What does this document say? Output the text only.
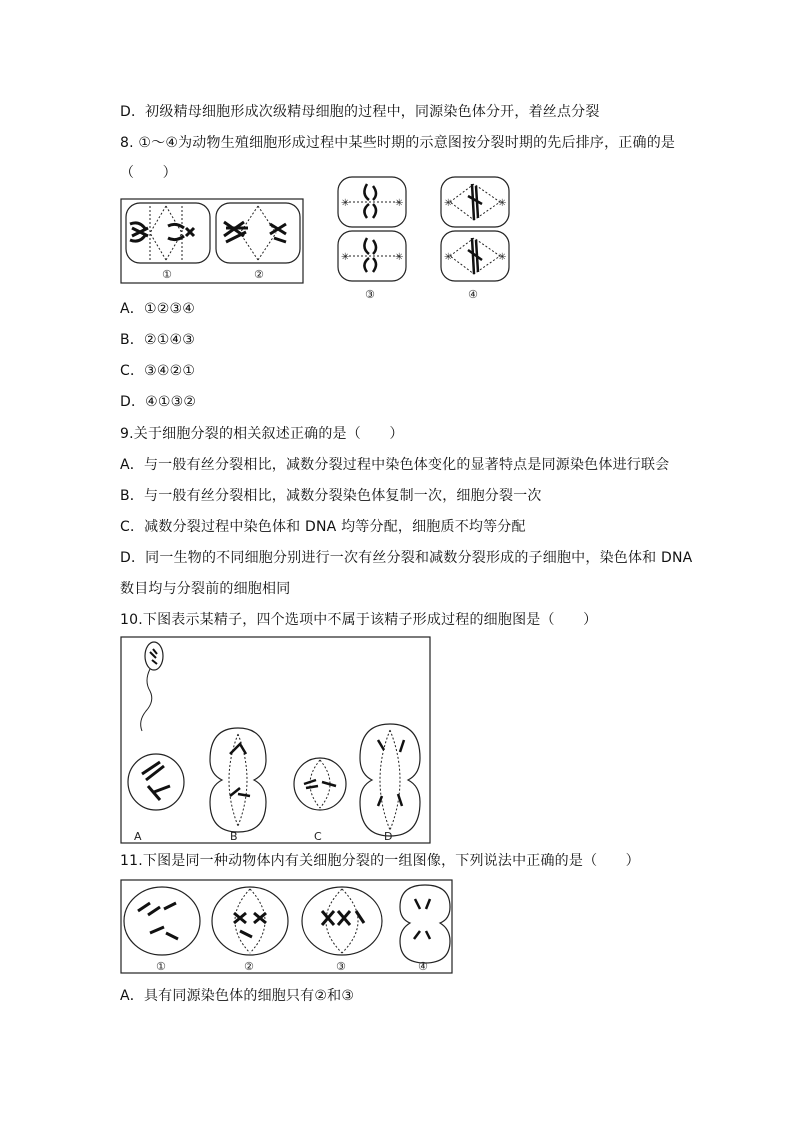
D．初级精母细胞形成次级精母细胞的过程中，同源染色体分开，着丝点分裂
8. ①～④为动物生殖细胞形成过程中某些时期的示意图按分裂时期的先后排序，正确的是
（　　）
①	②
✳	✳
✳	✳
③
✳	✳
✳	✳
④
A．①②③④
B．②①④③
C．③④②①
D．④①③②
9.关于细胞分裂的相关叙述正确的是（　　）
A．与一般有丝分裂相比，减数分裂过程中染色体变化的显著特点是同源染色体进行联会
B．与一般有丝分裂相比，减数分裂染色体复制一次，细胞分裂一次
C．减数分裂过程中染色体和 DNA 均等分配，细胞质不均等分配
D．同一生物的不同细胞分别进行一次有丝分裂和减数分裂形成的子细胞中，染色体和 DNA
数目均与分裂前的细胞相同
10.下图表示某精子，四个选项中不属于该精子形成过程的细胞图是（　　）
A	B	C	D
11.下图是同一种动物体内有关细胞分裂的一组图像，下列说法中正确的是（　　）
①	②	③	④
A．具有同源染色体的细胞只有②和③
